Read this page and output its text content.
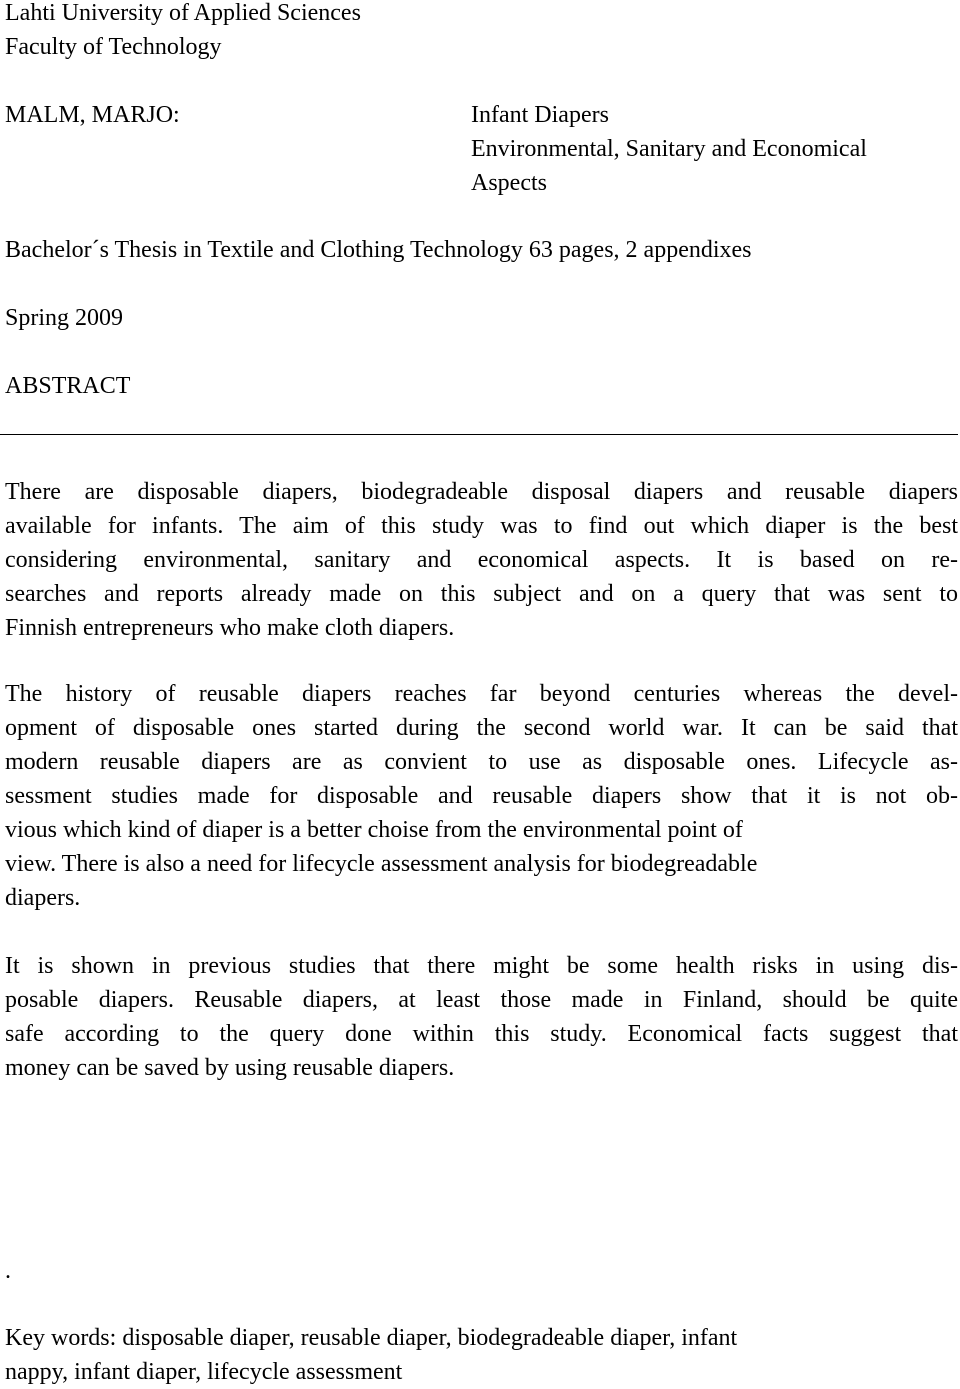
Lahti University of Applied Sciences
Faculty of Technology
MALM, MARJO:	Infant Diapers
Environmental, Sanitary and Economical
Aspects
Bachelor´s Thesis in Textile and Clothing Technology 63 pages, 2 appendixes
Spring 2009
ABSTRACT
There are disposable diapers, biodegradeable disposal diapers and reusable diapers
available for infants. The aim of this study was to find out which diaper is the best
considering environmental, sanitary and economical aspects. It is based on re-
searches and reports already made on this subject and on a query that was sent to
Finnish entrepreneurs who make cloth diapers.
The history of reusable diapers reaches far beyond centuries whereas the devel-
opment of disposable ones started during the second world war. It can be said that
modern reusable diapers are as convient to use as disposable ones. Lifecycle as-
sessment studies made for disposable and reusable diapers show that it is not ob-
vious which kind of diaper is a better choise from the environmental point of
view. There is also a need for lifecycle assessment analysis for biodegreadable
diapers.
It is shown in previous studies that there might be some health risks in using dis-
posable diapers. Reusable diapers, at least those made in Finland, should be quite
safe according to the query done within this study. Economical facts suggest that
money can be saved by using reusable diapers.
.
Key words: disposable diaper, reusable diaper, biodegradeable diaper, infant
nappy, infant diaper, lifecycle assessment
